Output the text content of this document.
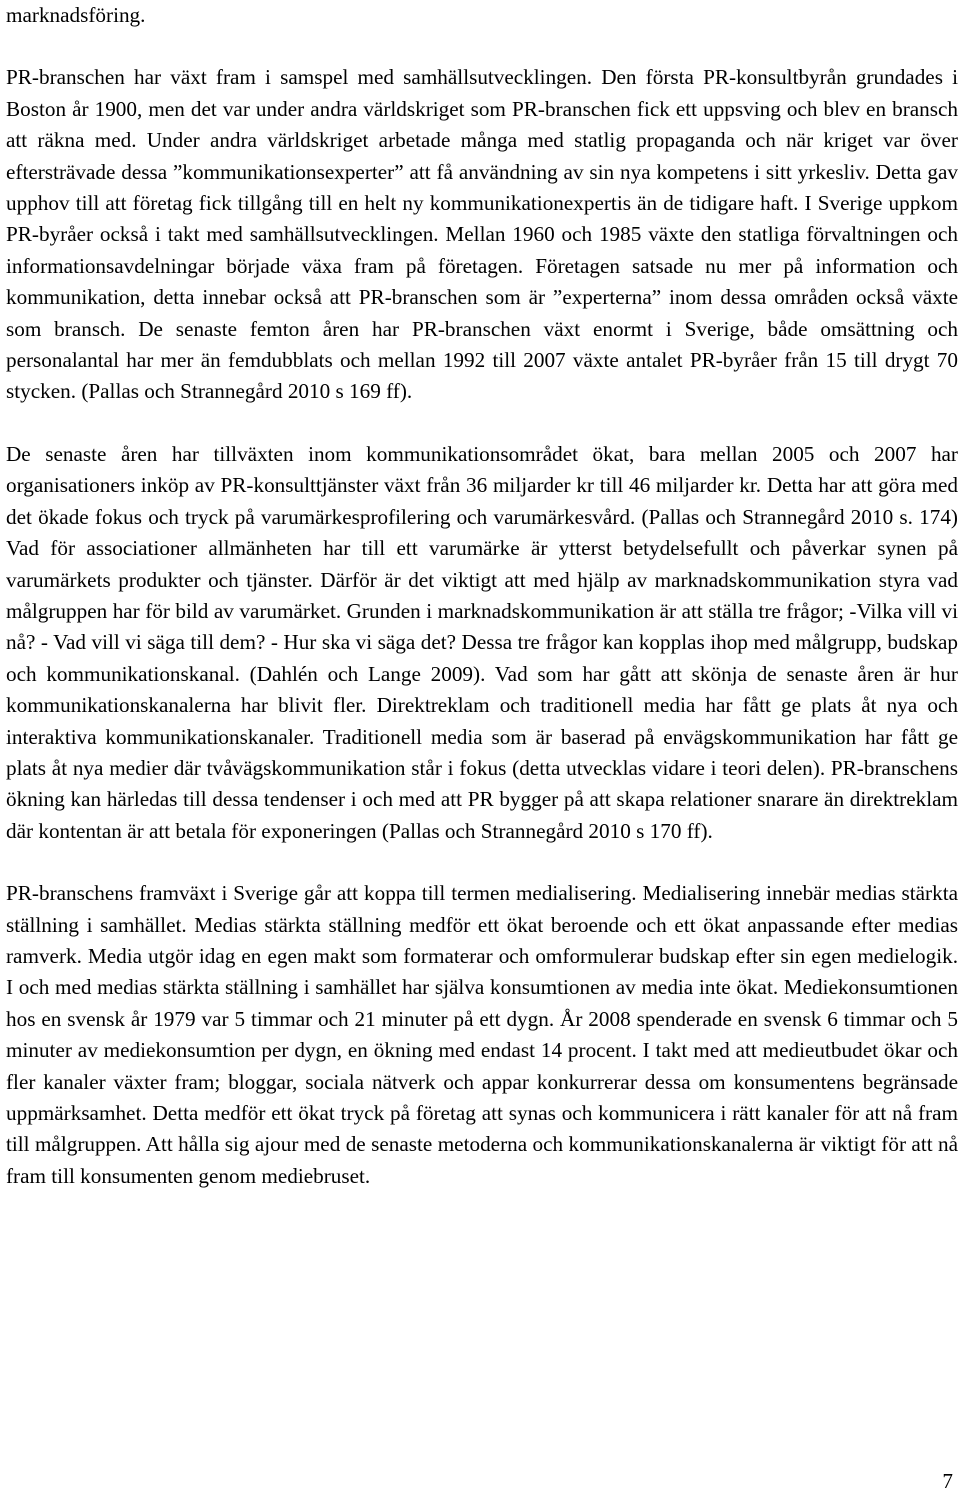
marknadsföring.

PR-branschen har växt fram i samspel med samhällsutvecklingen. Den första PR-konsultbyrån grundades i Boston år 1900, men det var under andra världskriget som PR-branschen fick ett uppsving och blev en bransch att räkna med. Under andra världskriget arbetade många med statlig propaganda och när kriget var över eftersträvade dessa ”kommunikationsexperter” att få användning av sin nya kompetens i sitt yrkesliv. Detta gav upphov till att företag fick tillgång till en helt ny kommunikationexpertis än de tidigare haft. I Sverige uppkom PR-byråer också i takt med samhällsutvecklingen. Mellan 1960 och 1985 växte den statliga förvaltningen och informationsavdelningar började växa fram på företagen. Företagen satsade nu mer på information och kommunikation, detta innebar också att PR-branschen som är ”experterna” inom dessa områden också växte som bransch. De senaste femton åren har PR-branschen växt enormt i Sverige, både omsättning och personalantal har mer än femdubblats och mellan 1992 till 2007 växte antalet PR-byråer från 15 till drygt 70 stycken. (Pallas och Strannegård 2010 s 169 ff).

De senaste åren har tillväxten inom kommunikationsområdet ökat, bara mellan 2005 och 2007 har organisationers inköp av PR-konsulttjänster växt från 36 miljarder kr till 46 miljarder kr. Detta har att göra med det ökade fokus och tryck på varumärkesprofilering och varumärkesvård. (Pallas och Strannegård 2010 s. 174) Vad för associationer allmänheten har till ett varumärke är ytterst betydelsefullt och påverkar synen på varumärkets produkter och tjänster. Därför är det viktigt att med hjälp av marknadskommunikation styra vad målgruppen har för bild av varumärket. Grunden i marknadskommunikation är att ställa tre frågor; -Vilka vill vi nå? - Vad vill vi säga till dem? - Hur ska vi säga det? Dessa tre frågor kan kopplas ihop med målgrupp, budskap och kommunikationskanal. (Dahlén och Lange 2009). Vad som har gått att skönja de senaste åren är hur kommunikationskanalerna har blivit fler. Direktreklam och traditionell media har fått ge plats åt nya och interaktiva kommunikationskanaler. Traditionell media som är baserad på envägskommunikation har fått ge plats åt nya medier där tvåvägskommunikation står i fokus (detta utvecklas vidare i teori delen). PR-branschens ökning kan härledas till dessa tendenser i och med att PR bygger på att skapa relationer snarare än direktreklam där kontentan är att betala för exponeringen (Pallas och Strannegård 2010 s 170 ff).

PR-branschens framväxt i Sverige går att koppa till termen medialisering. Medialisering innebär medias stärkta ställning i samhället. Medias stärkta ställning medför ett ökat beroende och ett ökat anpassande efter medias ramverk. Media utgör idag en egen makt som formaterar och omformulerar budskap efter sin egen medielogik. I och med medias stärkta ställning i samhället har själva konsumtionen av media inte ökat. Mediekonsumtionen hos en svensk år 1979 var 5 timmar och 21 minuter på ett dygn. År 2008 spenderade en svensk 6 timmar och 5 minuter av mediekonsumtion per dygn, en ökning med endast 14 procent. I takt med att medieutbudet ökar och fler kanaler växter fram; bloggar, sociala nätverk och appar konkurrerar dessa om konsumentens begränsade uppmärksamhet. Detta medför ett ökat tryck på företag att synas och kommunicera i rätt kanaler för att nå fram till målgruppen. Att hålla sig ajour med de senaste metoderna och kommunikationskanalerna är viktigt för att nå fram till konsumenten genom mediebruset.

7
